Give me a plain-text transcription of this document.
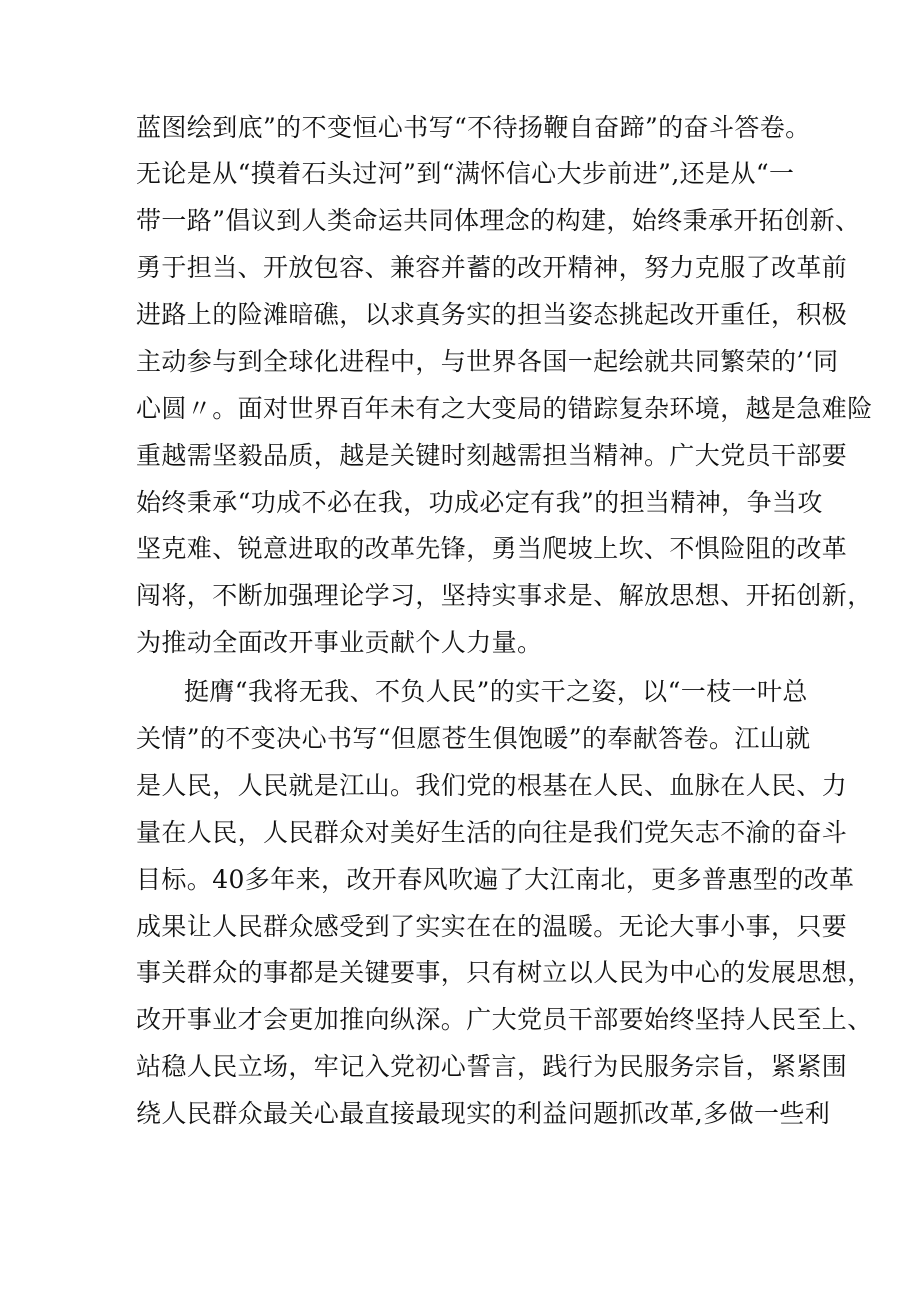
蓝图绘到底”的不变恒心书写“不待扬鞭自奋蹄”的奋斗答卷。

无论是从“摸着石头过河”到“满怀信心大步前进”,还是从“一

带一路”倡议到人类命运共同体理念的构建，始终秉承开拓创新、

勇于担当、开放包容、兼容并蓄的改开精神，努力克服了改革前

进路上的险滩暗礁，以求真务实的担当姿态挑起改开重任，积极

主动参与到全球化进程中，与世界各国一起绘就共同繁荣的’‘同

心圆〃。面对世界百年未有之大变局的错踪复杂环境，越是急难险

重越需坚毅品质，越是关键时刻越需担当精神。广大党员干部要

始终秉承“功成不必在我，功成必定有我”的担当精神，争当攻

坚克难、锐意进取的改革先锋，勇当爬坡上坎、不惧险阻的改革

闯将，不断加强理论学习，坚持实事求是、解放思想、开拓创新，

为推动全面改开事业贡献个人力量。

挺膺“我将无我、不负人民”的实干之姿，以“一枝一叶总

关情”的不变决心书写“但愿苍生俱饱暖”的奉献答卷。江山就

是人民，人民就是江山。我们党的根基在人民、血脉在人民、力

量在人民，人民群众对美好生活的向往是我们党矢志不渝的奋斗

目标。40多年来，改开春风吹遍了大江南北，更多普惠型的改革

成果让人民群众感受到了实实在在的温暖。无论大事小事，只要

事关群众的事都是关键要事，只有树立以人民为中心的发展思想，

改开事业才会更加推向纵深。广大党员干部要始终坚持人民至上、

站稳人民立场，牢记入党初心誓言，践行为民服务宗旨，紧紧围

绕人民群众最关心最直接最现实的利益问题抓改革,多做一些利
